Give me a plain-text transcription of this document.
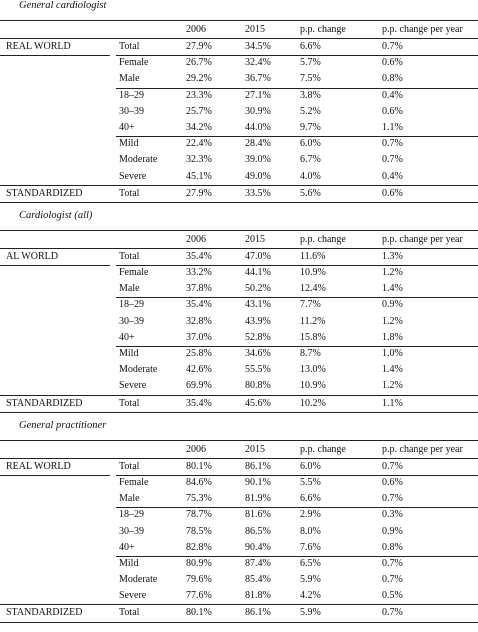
General cardiologist
2006	2015	p.p. change	p.p. change per year
REAL WORLD	Total	27.9%	34.5%	6.6%	0.7%
Female	26.7%	32.4%	5.7%	0.6%
Male	29.2%	36.7%	7.5%	0.8%
18–29	23.3%	27.1%	3.8%	0.4%
30–39	25.7%	30.9%	5.2%	0.6%
40+	34.2%	44.0%	9.7%	1.1%
Mild	22.4%	28.4%	6.0%	0.7%
Moderate	32.3%	39.0%	6.7%	0.7%
Severe	45.1%	49.0%	4.0%	0.4%
STANDARDIZED	Total	27.9%	33.5%	5.6%	0.6%
Cardiologist (all)
2006	2015	p.p. change	p.p. change per year
AL WORLD	Total	35.4%	47.0%	11.6%	1.3%
Female	33.2%	44.1%	10.9%	1.2%
Male	37.8%	50.2%	12.4%	1.4%
18–29	35.4%	43.1%	7.7%	0.9%
30–39	32.8%	43.9%	11.2%	1.2%
40+	37.0%	52.8%	15.8%	1.8%
Mild	25.8%	34.6%	8.7%	1.0%
Moderate	42.6%	55.5%	13.0%	1.4%
Severe	69.9%	80.8%	10.9%	1.2%
STANDARDIZED	Total	35.4%	45.6%	10.2%	1.1%
General practitioner
2006	2015	p.p. change	p.p. change per year
REAL WORLD	Total	80.1%	86.1%	6.0%	0.7%
Female	84.6%	90.1%	5.5%	0.6%
Male	75.3%	81.9%	6.6%	0.7%
18–29	78.7%	81.6%	2.9%	0.3%
30–39	78.5%	86.5%	8.0%	0.9%
40+	82.8%	90.4%	7.6%	0.8%
Mild	80.9%	87.4%	6.5%	0.7%
Moderate	79.6%	85.4%	5.9%	0.7%
Severe	77.6%	81.8%	4.2%	0.5%
STANDARDIZED	Total	80.1%	86.1%	5.9%	0.7%
